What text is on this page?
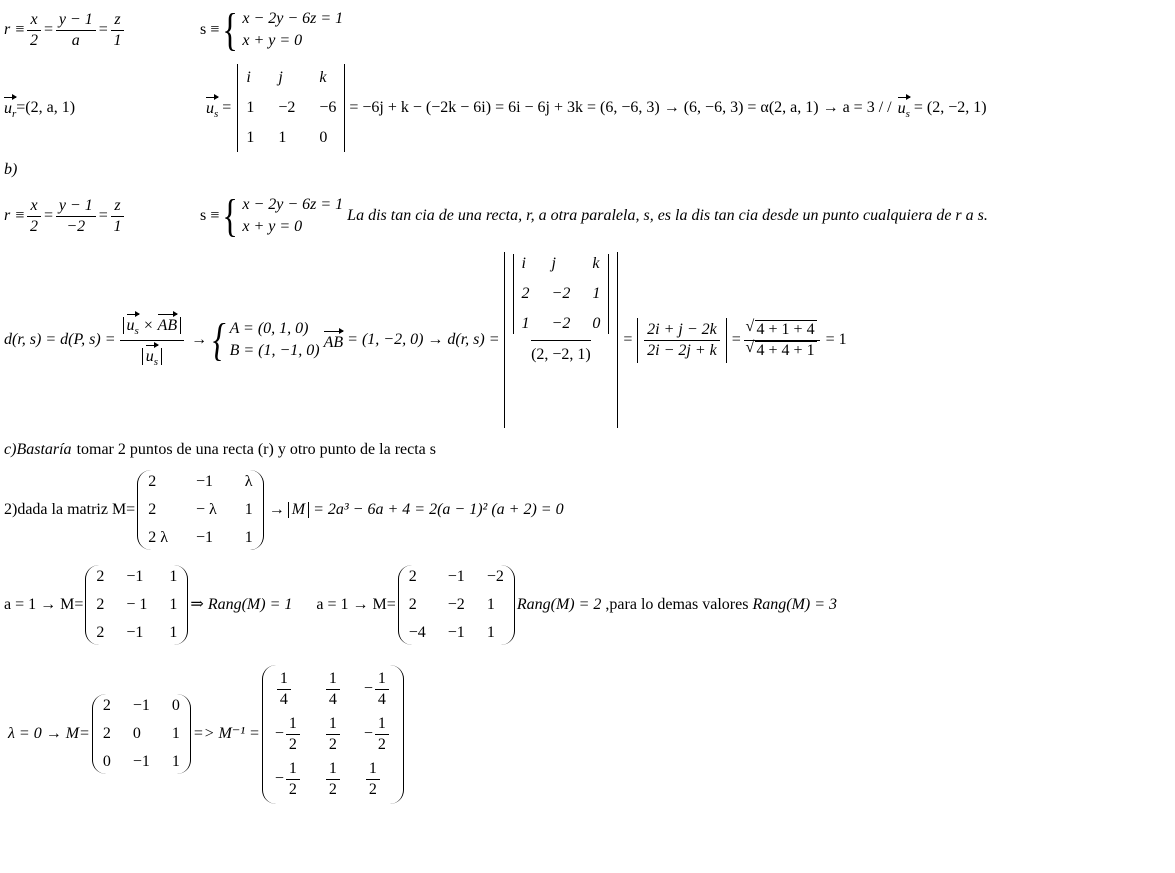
$r \equiv \frac{x}{2} = \frac{y - 1}{a} = \frac{z}{1}$	s ≡ { x − 2y − 6z = 1
x + y = 0
$u_r =(2$, a, 1)	$u_s$ =
i j	k
1 −2 −6
1 1	0
= −6j + k − (−2k − 6i) = 6i − 6j + 3k = (6, −6, 3) → (6, −6, 3) = α(2, a, 1) → a = 3 / / $u_s = (2$, −2, 1)
b)
$r \equiv \frac{x}{2} = \frac{y - 1}{-2} = \frac{z}{1}$	s ≡ { x − 2y − 6z = 1
x + y = 0
La dis tan cia de una recta, r, a otra paralela, s, es la dis tan cia desde un punto cualquiera de r a s.
d(r, s) = d(P, $s) = \frac{u_s \times AB}{u_s}$ → { A = (0, 1, 0)
B = (1, −1, 0) AB = (1, −2, 0) → d(r, s) =
i j	k
2 −2 1
1 −2 0
(2, −2, 1)
= $\frac{2i + j - 2k}{2i - 2j + k}$ =
√ 4 + 1 + 4
√ 4 + 4 + 1 = 1
c) Bastaría tomar 2 puntos de una recta (r) y otro punto de la recta s
2)dada la matriz M=
2	−1 λ
2	− λ 1
2 λ −1 1
→ M = 2a³ − 6a + 4 = 2(a − 1)² (a + 2) = 0
a = 1 → M=
2 −1 1
2 − 1 1
2 −1 1
⇒ Rang(M) = 1 a = 1 → M=
2	−1 −2
2	−2 1
−4 −1 1
Rang(M) = 2 ,para lo demas valores Rang(M) = 3
λ = 0 → M=
2 −1 0
2 0	1
0 −1 1
=> M⁻¹ =
$\frac{1}{4} \frac{1}{4} - \frac{1}{4}$
− $\frac{1}{2} \frac{1}{2} - \frac{1}{2}$
− $\frac{1}{2} \frac{1}{2} \frac{1}{2}$
